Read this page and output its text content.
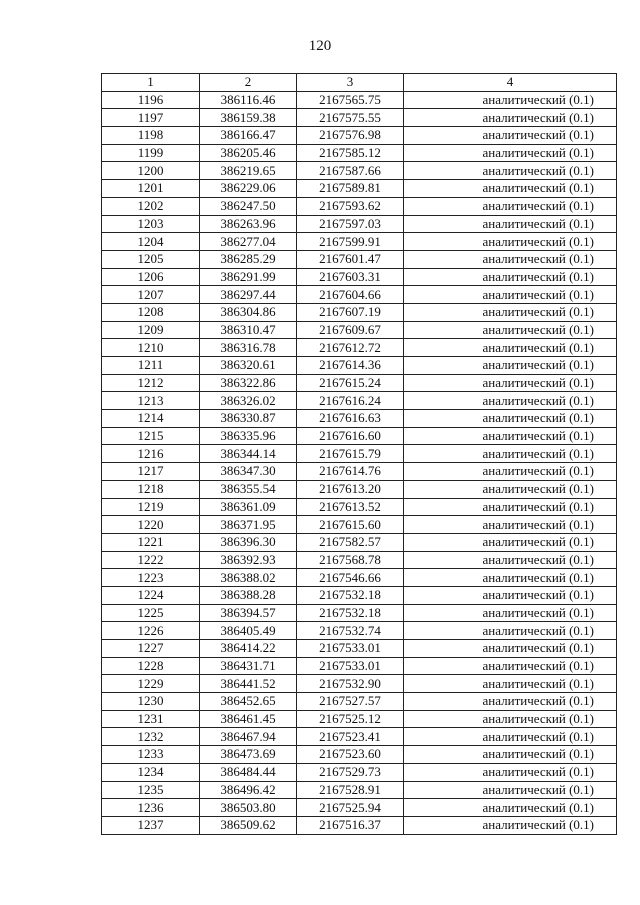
120
1	2	3	4
1196	386116.46	2167565.75	аналитический (0.1)
1197	386159.38	2167575.55	аналитический (0.1)
1198	386166.47	2167576.98	аналитический (0.1)
1199	386205.46	2167585.12	аналитический (0.1)
1200	386219.65	2167587.66	аналитический (0.1)
1201	386229.06	2167589.81	аналитический (0.1)
1202	386247.50	2167593.62	аналитический (0.1)
1203	386263.96	2167597.03	аналитический (0.1)
1204	386277.04	2167599.91	аналитический (0.1)
1205	386285.29	2167601.47	аналитический (0.1)
1206	386291.99	2167603.31	аналитический (0.1)
1207	386297.44	2167604.66	аналитический (0.1)
1208	386304.86	2167607.19	аналитический (0.1)
1209	386310.47	2167609.67	аналитический (0.1)
1210	386316.78	2167612.72	аналитический (0.1)
1211	386320.61	2167614.36	аналитический (0.1)
1212	386322.86	2167615.24	аналитический (0.1)
1213	386326.02	2167616.24	аналитический (0.1)
1214	386330.87	2167616.63	аналитический (0.1)
1215	386335.96	2167616.60	аналитический (0.1)
1216	386344.14	2167615.79	аналитический (0.1)
1217	386347.30	2167614.76	аналитический (0.1)
1218	386355.54	2167613.20	аналитический (0.1)
1219	386361.09	2167613.52	аналитический (0.1)
1220	386371.95	2167615.60	аналитический (0.1)
1221	386396.30	2167582.57	аналитический (0.1)
1222	386392.93	2167568.78	аналитический (0.1)
1223	386388.02	2167546.66	аналитический (0.1)
1224	386388.28	2167532.18	аналитический (0.1)
1225	386394.57	2167532.18	аналитический (0.1)
1226	386405.49	2167532.74	аналитический (0.1)
1227	386414.22	2167533.01	аналитический (0.1)
1228	386431.71	2167533.01	аналитический (0.1)
1229	386441.52	2167532.90	аналитический (0.1)
1230	386452.65	2167527.57	аналитический (0.1)
1231	386461.45	2167525.12	аналитический (0.1)
1232	386467.94	2167523.41	аналитический (0.1)
1233	386473.69	2167523.60	аналитический (0.1)
1234	386484.44	2167529.73	аналитический (0.1)
1235	386496.42	2167528.91	аналитический (0.1)
1236	386503.80	2167525.94	аналитический (0.1)
1237	386509.62	2167516.37	аналитический (0.1)
